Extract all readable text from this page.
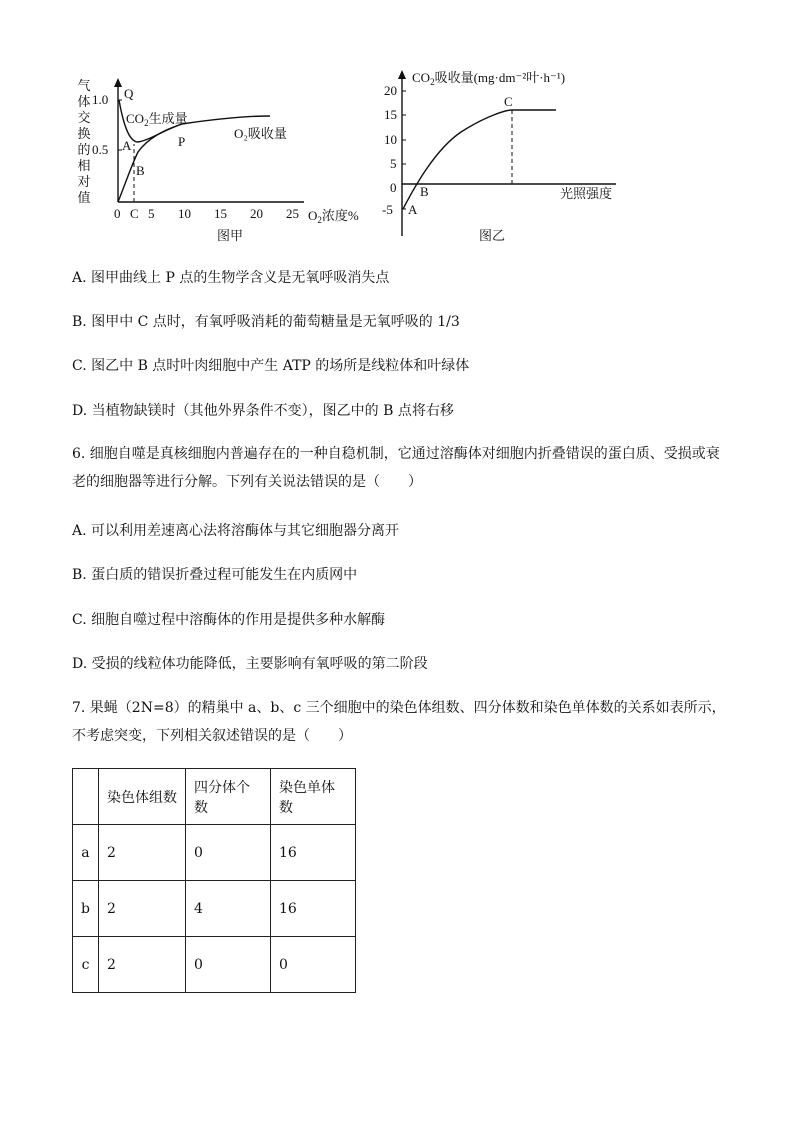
气
体
交
换
的
相
对
值
1.0
0.5
0 C 5 10 15 20 25 $O_2$浓度%
Q
A
B
P
$CO_2$生成量
O₂吸收量
图甲
$CO_2$吸收量(mg·dm⁻²叶·h⁻¹)
20
15
10
5
0
-5 A
B
C
光照强度
图乙
A. 图甲曲线上 P 点的生物学含义是无氧呼吸消失点
B. 图甲中 C 点时，有氧呼吸消耗的葡萄糖量是无氧呼吸的 1/3
C. 图乙中 B 点时叶肉细胞中产生 ATP 的场所是线粒体和叶绿体
D. 当植物缺镁时（其他外界条件不变），图乙中的 B 点将右移
6. 细胞自噬是真核细胞内普遍存在的一种自稳机制，它通过溶酶体对细胞内折叠错误的蛋白质、受损或衰老的细胞器等进行分解。下列有关说法错误的是（　　）
A. 可以利用差速离心法将溶酶体与其它细胞器分离开
B. 蛋白质的错误折叠过程可能发生在内质网中
C. 细胞自噬过程中溶酶体的作用是提供多种水解酶
D. 受损的线粒体功能降低，主要影响有氧呼吸的第二阶段
7. 果蝇（2N=8）的精巢中 a、b、c 三个细胞中的染色体组数、四分体数和染色单体数的关系如表所示，不考虑突变，下列相关叙述错误的是（　　）
	染色体组数	四分体个数	染色单体数
a	2	0	16
b	2	4	16
c	2	0	0
